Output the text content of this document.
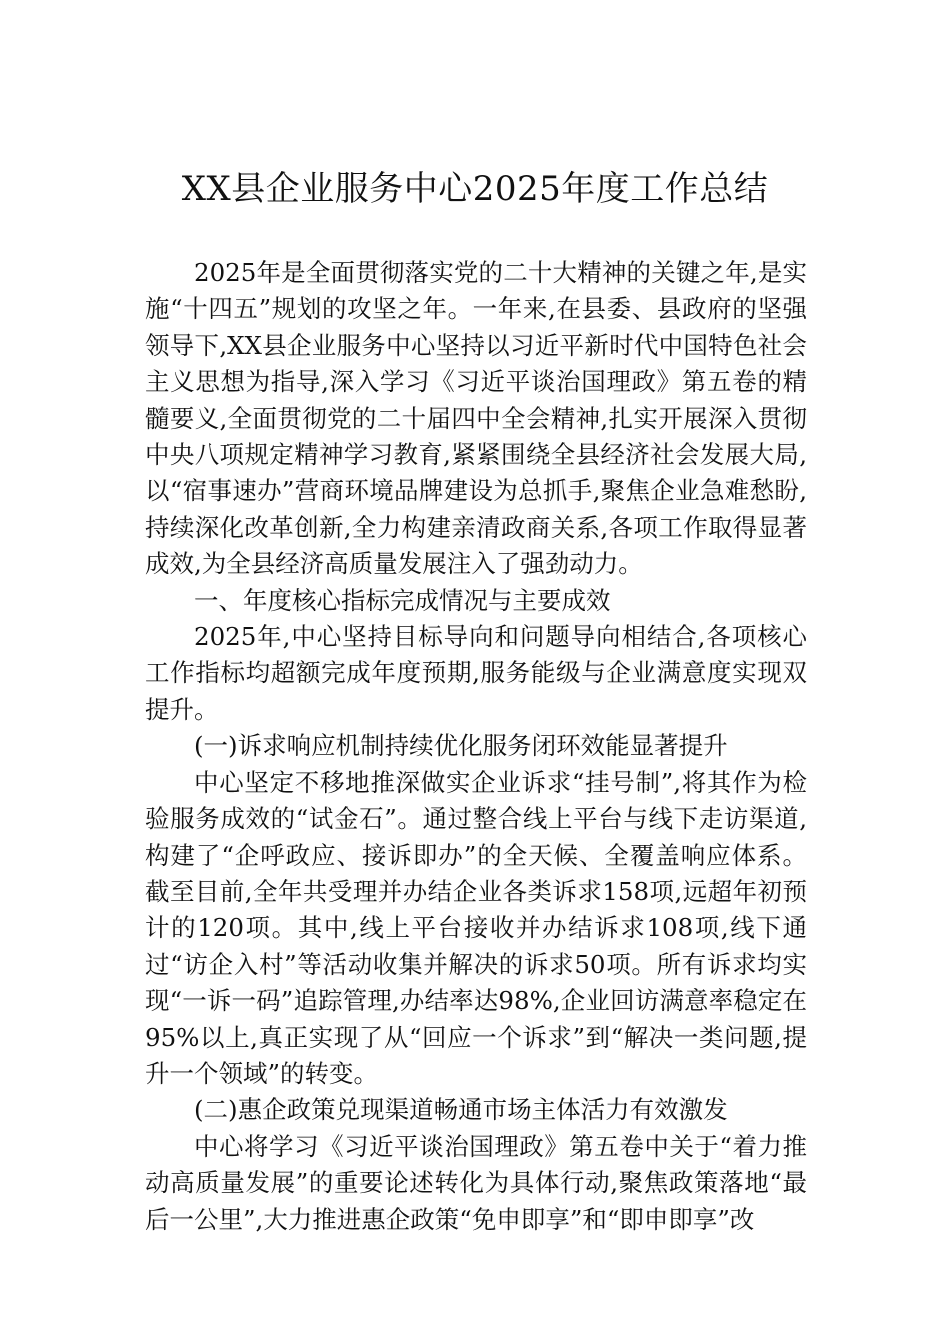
XX县企业服务中心2025年度工作总结

2025年是全面贯彻落实党的二十大精神的关键之年,是实施“十四五”规划的攻坚之年。一年来,在县委、县政府的坚强领导下,XX县企业服务中心坚持以习近平新时代中国特色社会主义思想为指导,深入学习《习近平谈治国理政》第五卷的精髓要义,全面贯彻党的二十届四中全会精神,扎实开展深入贯彻中央八项规定精神学习教育,紧紧围绕全县经济社会发展大局,以“宿事速办”营商环境品牌建设为总抓手,聚焦企业急难愁盼,持续深化改革创新,全力构建亲清政商关系,各项工作取得显著成效,为全县经济高质量发展注入了强劲动力。

一、年度核心指标完成情况与主要成效

2025年,中心坚持目标导向和问题导向相结合,各项核心工作指标均超额完成年度预期,服务能级与企业满意度实现双提升。

(一)诉求响应机制持续优化服务闭环效能显著提升

中心坚定不移地推深做实企业诉求“挂号制”,将其作为检验服务成效的“试金石”。通过整合线上平台与线下走访渠道,构建了“企呼政应、接诉即办”的全天候、全覆盖响应体系。截至目前,全年共受理并办结企业各类诉求158项,远超年初预计的120项。其中,线上平台接收并办结诉求108项,线下通过“访企入村”等活动收集并解决的诉求50项。所有诉求均实现“一诉一码”追踪管理,办结率达98%,企业回访满意率稳定在95%以上,真正实现了从“回应一个诉求”到“解决一类问题,提升一个领域”的转变。

(二)惠企政策兑现渠道畅通市场主体活力有效激发

中心将学习《习近平谈治国理政》第五卷中关于“着力推动高质量发展”的重要论述转化为具体行动,聚焦政策落地“最后一公里”,大力推进惠企政策“免申即享”和“即申即享”改
